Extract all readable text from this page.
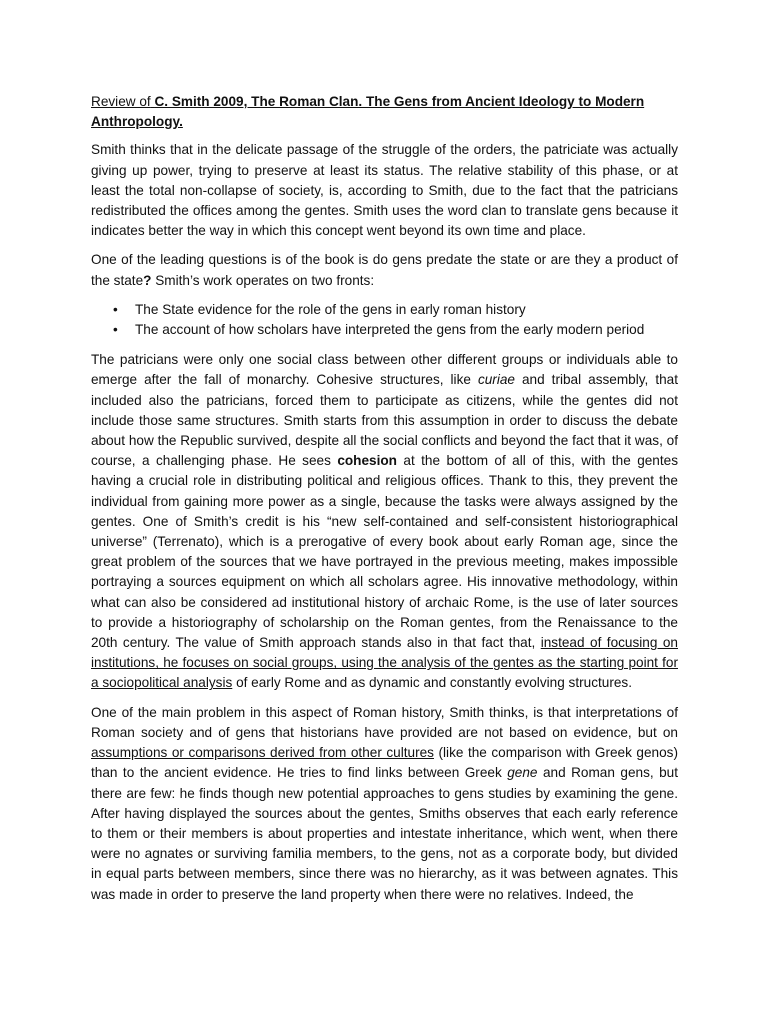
Review of C. Smith 2009, The Roman Clan. The Gens from Ancient Ideology to Modern Anthropology.

Smith thinks that in the delicate passage of the struggle of the orders, the patriciate was actually giving up power, trying to preserve at least its status. The relative stability of this phase, or at least the total non-collapse of society, is, according to Smith, due to the fact that the patricians redistributed the offices among the gentes. Smith uses the word clan to translate gens because it indicates better the way in which this concept went beyond its own time and place.

One of the leading questions is of the book is do gens predate the state or are they a product of the state? Smith’s work operates on two fronts:

• The State evidence for the role of the gens in early roman history
• The account of how scholars have interpreted the gens from the early modern period

The patricians were only one social class between other different groups or individuals able to emerge after the fall of monarchy. Cohesive structures, like curiae and tribal assembly, that included also the patricians, forced them to participate as citizens, while the gentes did not include those same structures. Smith starts from this assumption in order to discuss the debate about how the Republic survived, despite all the social conflicts and beyond the fact that it was, of course, a challenging phase. He sees cohesion at the bottom of all of this, with the gentes having a crucial role in distributing political and religious offices. Thank to this, they prevent the individual from gaining more power as a single, because the tasks were always assigned by the gentes. One of Smith’s credit is his “new self-contained and self-consistent historiographical universe” (Terrenato), which is a prerogative of every book about early Roman age, since the great problem of the sources that we have portrayed in the previous meeting, makes impossible portraying a sources equipment on which all scholars agree. His innovative methodology, within what can also be considered ad institutional history of archaic Rome, is the use of later sources to provide a historiography of scholarship on the Roman gentes, from the Renaissance to the 20th century. The value of Smith approach stands also in that fact that, instead of focusing on institutions, he focuses on social groups, using the analysis of the gentes as the starting point for a sociopolitical analysis of early Rome and as dynamic and constantly evolving structures.

One of the main problem in this aspect of Roman history, Smith thinks, is that interpretations of Roman society and of gens that historians have provided are not based on evidence, but on assumptions or comparisons derived from other cultures (like the comparison with Greek genos) than to the ancient evidence. He tries to find links between Greek gene and Roman gens, but there are few: he finds though new potential approaches to gens studies by examining the gene. After having displayed the sources about the gentes, Smiths observes that each early reference to them or their members is about properties and intestate inheritance, which went, when there were no agnates or surviving familia members, to the gens, not as a corporate body, but divided in equal parts between members, since there was no hierarchy, as it was between agnates. This was made in order to preserve the land property when there were no relatives. Indeed, the
